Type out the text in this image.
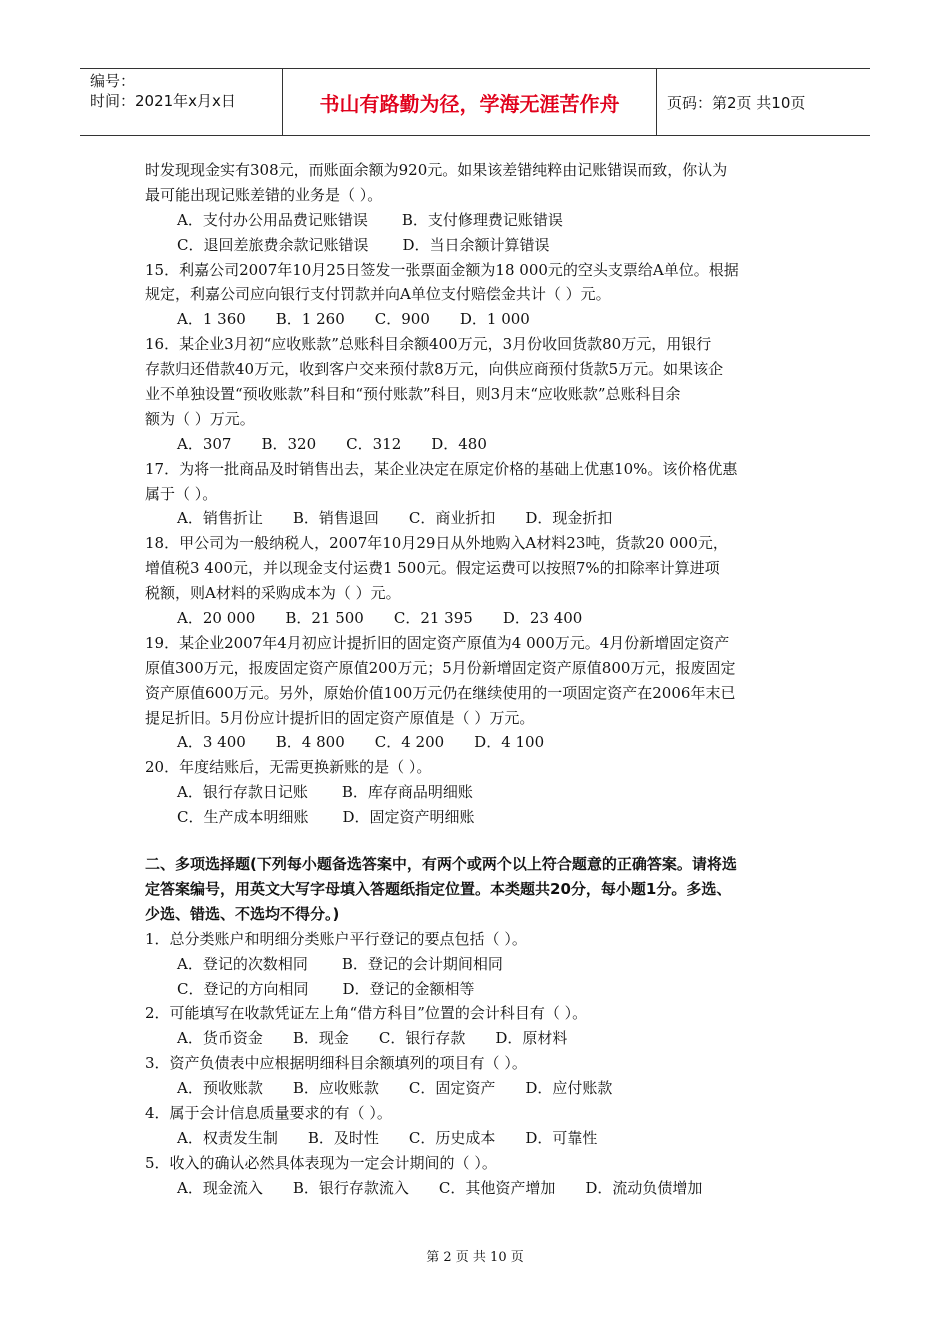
编号：
时间：2021年x月x日	书山有路勤为径，学海无涯苦作舟	页码：第2页 共10页
时发现现金实有308元，而账面余额为920元。如果该差错纯粹由记账错误而致，你认为
最可能出现记账差错的业务是（ ）。
A．支付办公用品费记账错误 B．支付修理费记账错误
C．退回差旅费余款记账错误 D．当日余额计算错误
15．利嘉公司2007年10月25日签发一张票面金额为18 000元的空头支票给A单位。根据
规定，利嘉公司应向银行支付罚款并向A单位支付赔偿金共计（ ）元。
A．1 360 B．1 260 C．900 D．1 000
16．某企业3月初“应收账款”总账科目余额400万元，3月份收回货款80万元，用银行
存款归还借款40万元，收到客户交来预付款8万元，向供应商预付货款5万元。如果该企
业不单独设置“预收账款”科目和“预付账款”科目，则3月末“应收账款”总账科目余
额为（ ）万元。
A．307 B．320 C．312 D．480
17．为将一批商品及时销售出去，某企业决定在原定价格的基础上优惠10%。该价格优惠
属于（ ）。
A．销售折让 B．销售退回 C．商业折扣 D．现金折扣
18．甲公司为一般纳税人，2007年10月29日从外地购入A材料23吨，货款20 000元，
增值税3 400元，并以现金支付运费1 500元。假定运费可以按照7%的扣除率计算进项
税额，则A材料的采购成本为（ ）元。
A．20 000 B．21 500 C．21 395 D．23 400
19．某企业2007年4月初应计提折旧的固定资产原值为4 000万元。4月份新增固定资产
原值300万元，报废固定资产原值200万元；5月份新增固定资产原值800万元，报废固定
资产原值600万元。另外，原始价值100万元仍在继续使用的一项固定资产在2006年末已
提足折旧。5月份应计提折旧的固定资产原值是（ ）万元。
A．3 400 B．4 800 C．4 200 D．4 100
20．年度结账后，无需更换新账的是（ ）。
A．银行存款日记账 B．库存商品明细账
C．生产成本明细账 D．固定资产明细账
二、多项选择题(下列每小题备选答案中，有两个或两个以上符合题意的正确答案。请将选
定答案编号，用英文大写字母填入答题纸指定位置。本类题共20分，每小题1分。多选、
少选、错选、不选均不得分。)
1．总分类账户和明细分类账户平行登记的要点包括（ ）。
A．登记的次数相同 B．登记的会计期间相同
C．登记的方向相同 D．登记的金额相等
2．可能填写在收款凭证左上角“借方科目”位置的会计科目有（ ）。
A．货币资金 B．现金 C．银行存款 D．原材料
3．资产负债表中应根据明细科目余额填列的项目有（ ）。
A．预收账款 B．应收账款 C．固定资产 D．应付账款
4．属于会计信息质量要求的有（ ）。
A．权责发生制 B．及时性 C．历史成本 D．可靠性
5．收入的确认必然具体表现为一定会计期间的（ ）。
A．现金流入 B．银行存款流入 C．其他资产增加 D．流动负债增加
第 2 页 共 10 页
